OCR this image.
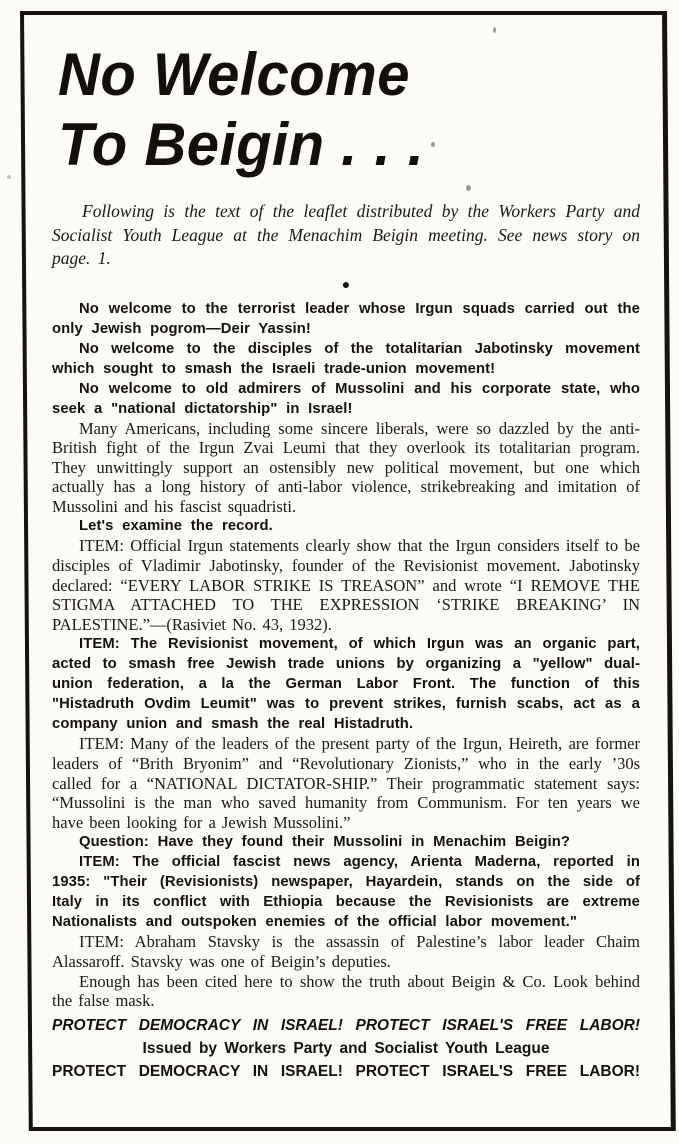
No Welcome
To Beigin . . .

Following is the text of the leaflet distributed by the Workers Party and Socialist Youth League at the Menachim Beigin meeting. See news story on page. 1.

●

No welcome to the terrorist leader whose Irgun squads carried out the only Jewish pogrom—Deir Yassin!

No welcome to the disciples of the totalitarian Jabotinsky movement which sought to smash the Israeli trade-union movement!

No welcome to old admirers of Mussolini and his corporate state, who seek a "national dictatorship" in Israel!

Many Americans, including some sincere liberals, were so dazzled by the anti-British fight of the Irgun Zvai Leumi that they overlook its totalitarian program. They unwittingly support an ostensibly new political movement, but one which actually has a long history of anti-labor violence, strikebreaking and imitation of Mussolini and his fascist squadristi.

Let's examine the record.

ITEM: Official Irgun statements clearly show that the Irgun considers itself to be disciples of Vladimir Jabotinsky, founder of the Revisionist movement. Jabotinsky declared: “EVERY LABOR STRIKE IS TREASON” and wrote “I REMOVE THE STIGMA ATTACHED TO THE EXPRESSION ‘STRIKE BREAKING’ IN PALESTINE.”—(Rasiviet No. 43, 1932).

ITEM: The Revisionist movement, of which Irgun was an organic part, acted to smash free Jewish trade unions by organizing a "yellow" dual-union federation, a la the German Labor Front. The function of this "Histadruth Ovdim Leumit" was to prevent strikes, furnish scabs, act as a company union and smash the real Histadruth.

ITEM: Many of the leaders of the present party of the Irgun, Heireth, are former leaders of “Brith Bryonim” and “Revolutionary Zionists,” who in the early ’30s called for a “NATIONAL DICTATOR-SHIP.” Their programmatic statement says: “Mussolini is the man who saved humanity from Communism. For ten years we have been looking for a Jewish Mussolini.”

Question: Have they found their Mussolini in Menachim Beigin?

ITEM: The official fascist news agency, Arienta Maderna, reported in 1935: "Their (Revisionists) newspaper, Hayardein, stands on the side of Italy in its conflict with Ethiopia because the Revisionists are extreme Nationalists and outspoken enemies of the official labor movement."

ITEM: Abraham Stavsky is the assassin of Palestine’s labor leader Chaim Alassaroff. Stavsky was one of Beigin’s deputies.

Enough has been cited here to show the truth about Beigin & Co. Look behind the false mask.

PROTECT DEMOCRACY IN ISRAEL! PROTECT ISRAEL'S FREE LABOR!

Issued by Workers Party and Socialist Youth League

PROTECT DEMOCRACY IN ISRAEL! PROTECT ISRAEL'S FREE LABOR!
